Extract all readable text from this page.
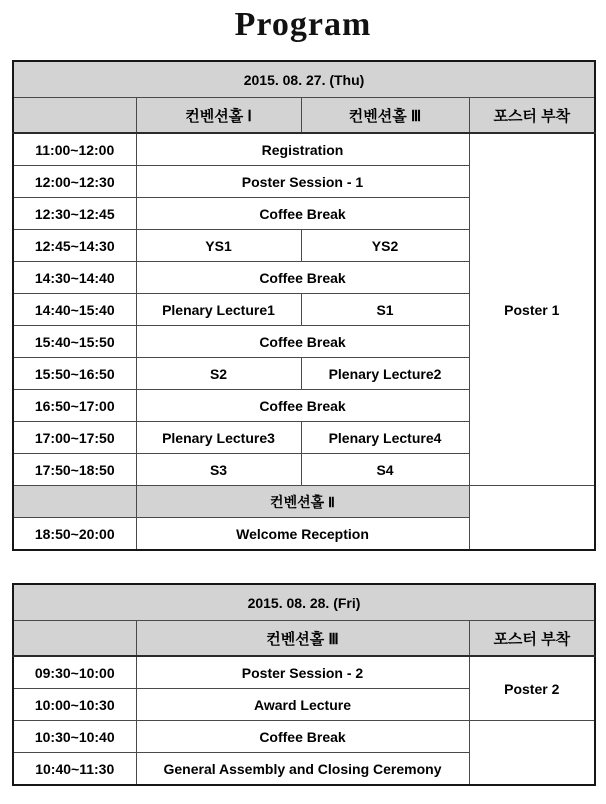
Program
2015. 08. 27. (Thu)			
	컨벤션홀 Ⅰ	컨벤션홀 Ⅲ	포스터 부착
11:00~12:00	Registration		Poster 1
12:00~12:30	Poster Session - 1		
12:30~12:45	Coffee Break		
12:45~14:30	YS1	YS2	
14:30~14:40	Coffee Break		
14:40~15:40	Plenary Lecture1	S1	
15:40~15:50	Coffee Break		
15:50~16:50	S2	Plenary Lecture2	
16:50~17:00	Coffee Break		
17:00~17:50	Plenary Lecture3	Plenary Lecture4	
17:50~18:50	S3	S4	
	컨벤션홀 Ⅱ		
18:50~20:00	Welcome Reception		
2015. 08. 28. (Fri)		
	컨벤션홀 Ⅲ	포스터 부착
09:30~10:00	Poster Session - 2	Poster 2
10:00~10:30	Award Lecture	
10:30~10:40	Coffee Break	
10:40~11:30	General Assembly and Closing Ceremony	
